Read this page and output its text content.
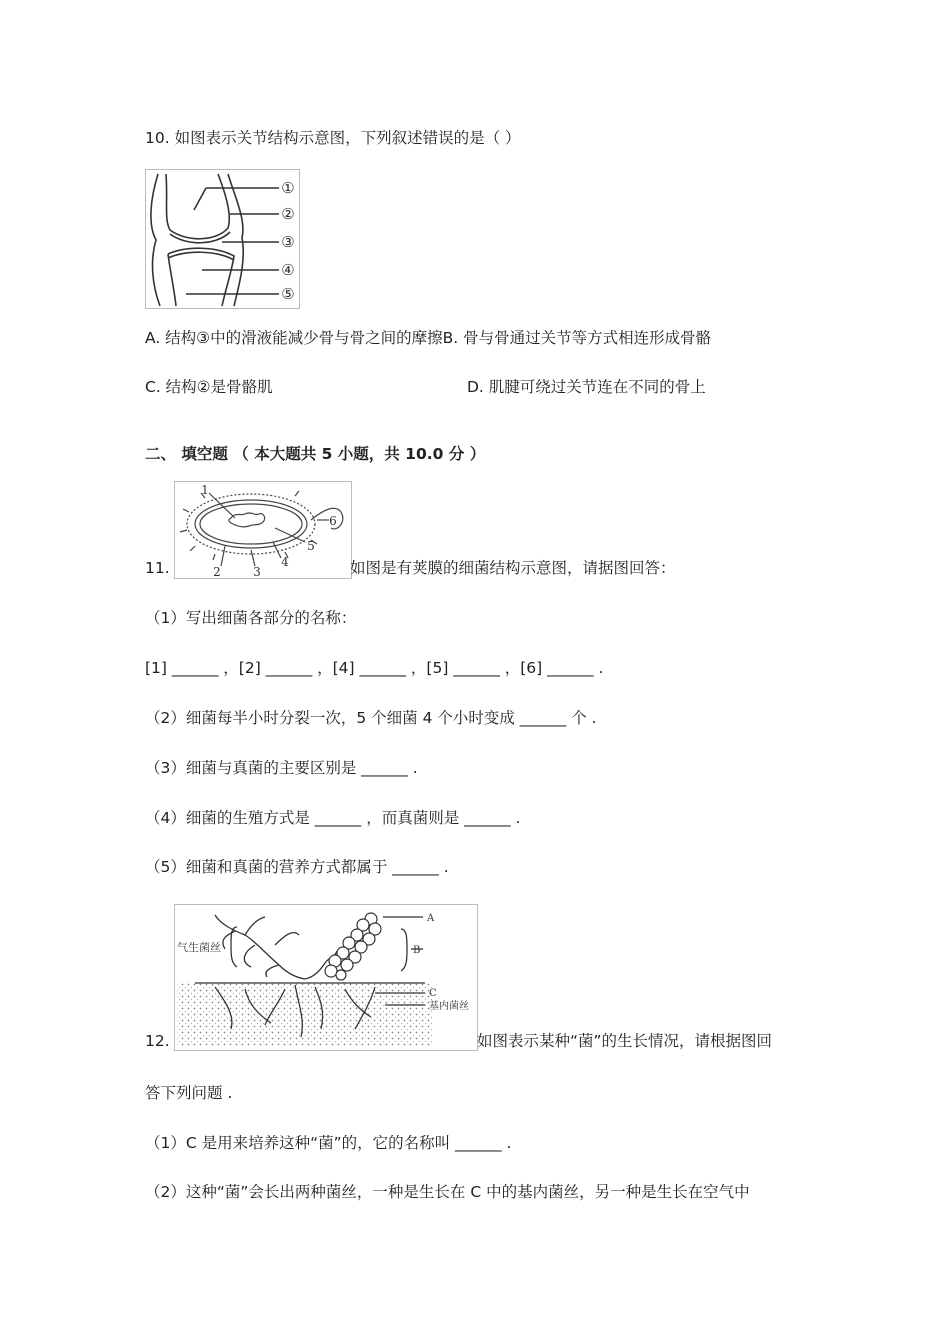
10. 如图表示关节结构示意图，下列叙述错误的是（ ）
①
②
③
④
⑤
A. 结构③中的滑液能减少骨与骨之间的摩擦B. 骨与骨通过关节等方式相连形成骨骼
C. 结构②是骨骼肌	D. 肌腱可绕过关节连在不同的骨上
二、 填空题 （ 本大题共 5 小题，共 10.0 分 ）
1
2	3
4
5
6
11.	如图是有荚膜的细菌结构示意图，请据图回答：
（1）写出细菌各部分的名称：
[1] ______ ，[2] ______ ，[4] ______ ，[5] ______ ，[6] ______ .
（2）细菌每半小时分裂一次，5 个细菌 4 个小时变成 ______ 个 .
（3）细菌与真菌的主要区别是 ______ .
（4）细菌的生殖方式是 ______ ，而真菌则是 ______ .
（5）细菌和真菌的营养方式都属于 ______ .
气生菌丝
A
B
C
基内菌丝
12.	如图表示某种“菌”的生长情况，请根据图回
答下列问题 .
（1）C 是用来培养这种“菌”的，它的名称叫 ______ .
（2）这种“菌”会长出两种菌丝，一种是生长在 C 中的基内菌丝，另一种是生长在空气中
